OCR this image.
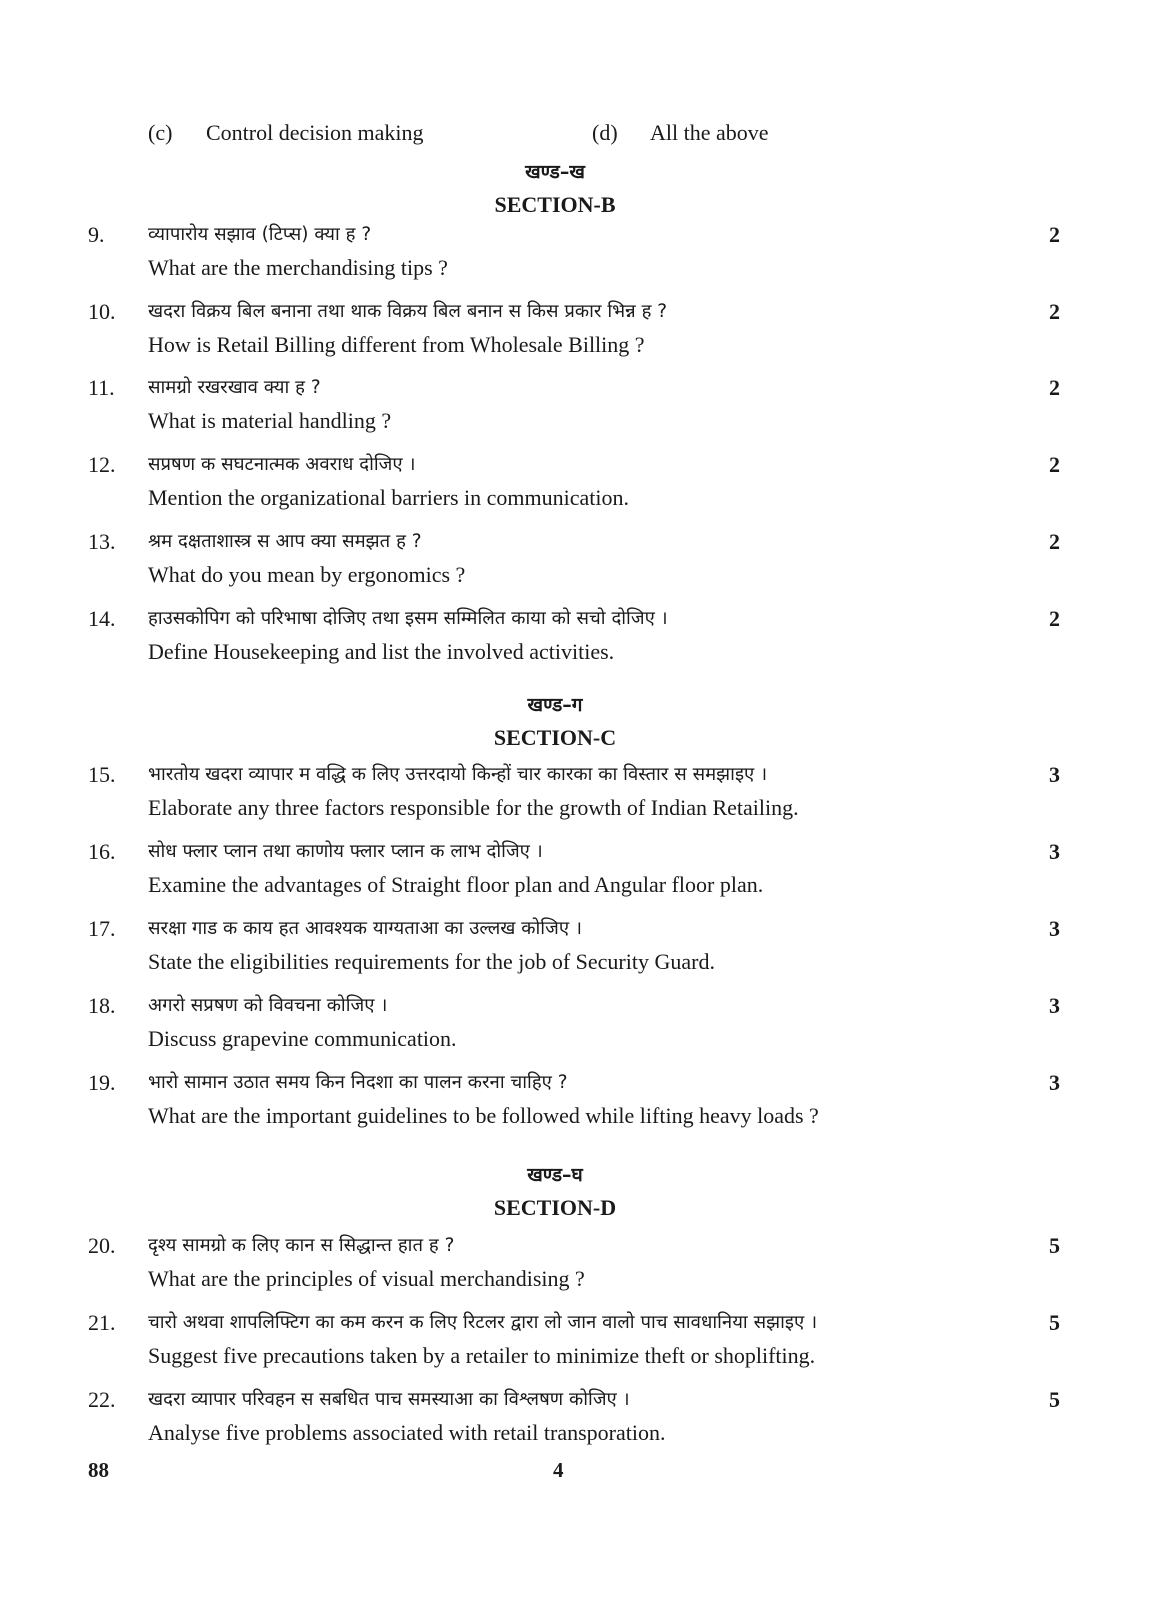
(c) Control decision making	(d) All the above
खण्ड–ख
SECTION-B
9. व्यापारोय सझाव (टिप्स) क्या ह ?
What are the merchandising tips ?
2
10. खदरा विक्रय बिल बनाना तथा थाक विक्रय बिल बनान स किस प्रकार भिन्न ह ?
How is Retail Billing different from Wholesale Billing ?
2
11. सामग्रो रखरखाव क्या ह ?
What is material handling ?
2
12. सप्रषण क सघटनात्मक अवराध दोजिए ।
Mention the organizational barriers in communication.
2
13. श्रम दक्षताशास्त्र स आप क्या समझत ह ?
What do you mean by ergonomics ?
2
14. हाउसकोपिग को परिभाषा दोजिए तथा इसम सम्मिलित काया को सचो दोजिए ।
Define Housekeeping and list the involved activities.
2
खण्ड–ग
SECTION-C
15. भारतोय खदरा व्यापार म वद्धि क लिए उत्तरदायो किन्हों चार कारका का विस्तार स समझाइए ।
Elaborate any three factors responsible for the growth of Indian Retailing.
3
16. सोध फ्लार प्लान तथा काणोय फ्लार प्लान क लाभ दोजिए ।
Examine the advantages of Straight floor plan and Angular floor plan.
3
17. सरक्षा गाड क काय हत आवश्यक याग्यताआ का उल्लख कोजिए ।
State the eligibilities requirements for the job of Security Guard.
3
18. अगरो सप्रषण को विवचना कोजिए ।
Discuss grapevine communication.
3
19. भारो सामान उठात समय किन निदशा का पालन करना चाहिए ?
What are the important guidelines to be followed while lifting heavy loads ?
3
खण्ड–घ
SECTION-D
20. दृश्य सामग्रो क लिए कान स सिद्धान्त हात ह ?
What are the principles of visual merchandising ?
5
21. चारो अथवा शापलिफ्टिग का कम करन क लिए रिटलर द्वारा लो जान वालो पाच सावधानिया सझाइए ।
Suggest five precautions taken by a retailer to minimize theft or shoplifting.
5
22. खदरा व्यापार परिवहन स सबधित पाच समस्याआ का विश्लषण कोजिए ।
Analyse five problems associated with retail transporation.
5
88	4
